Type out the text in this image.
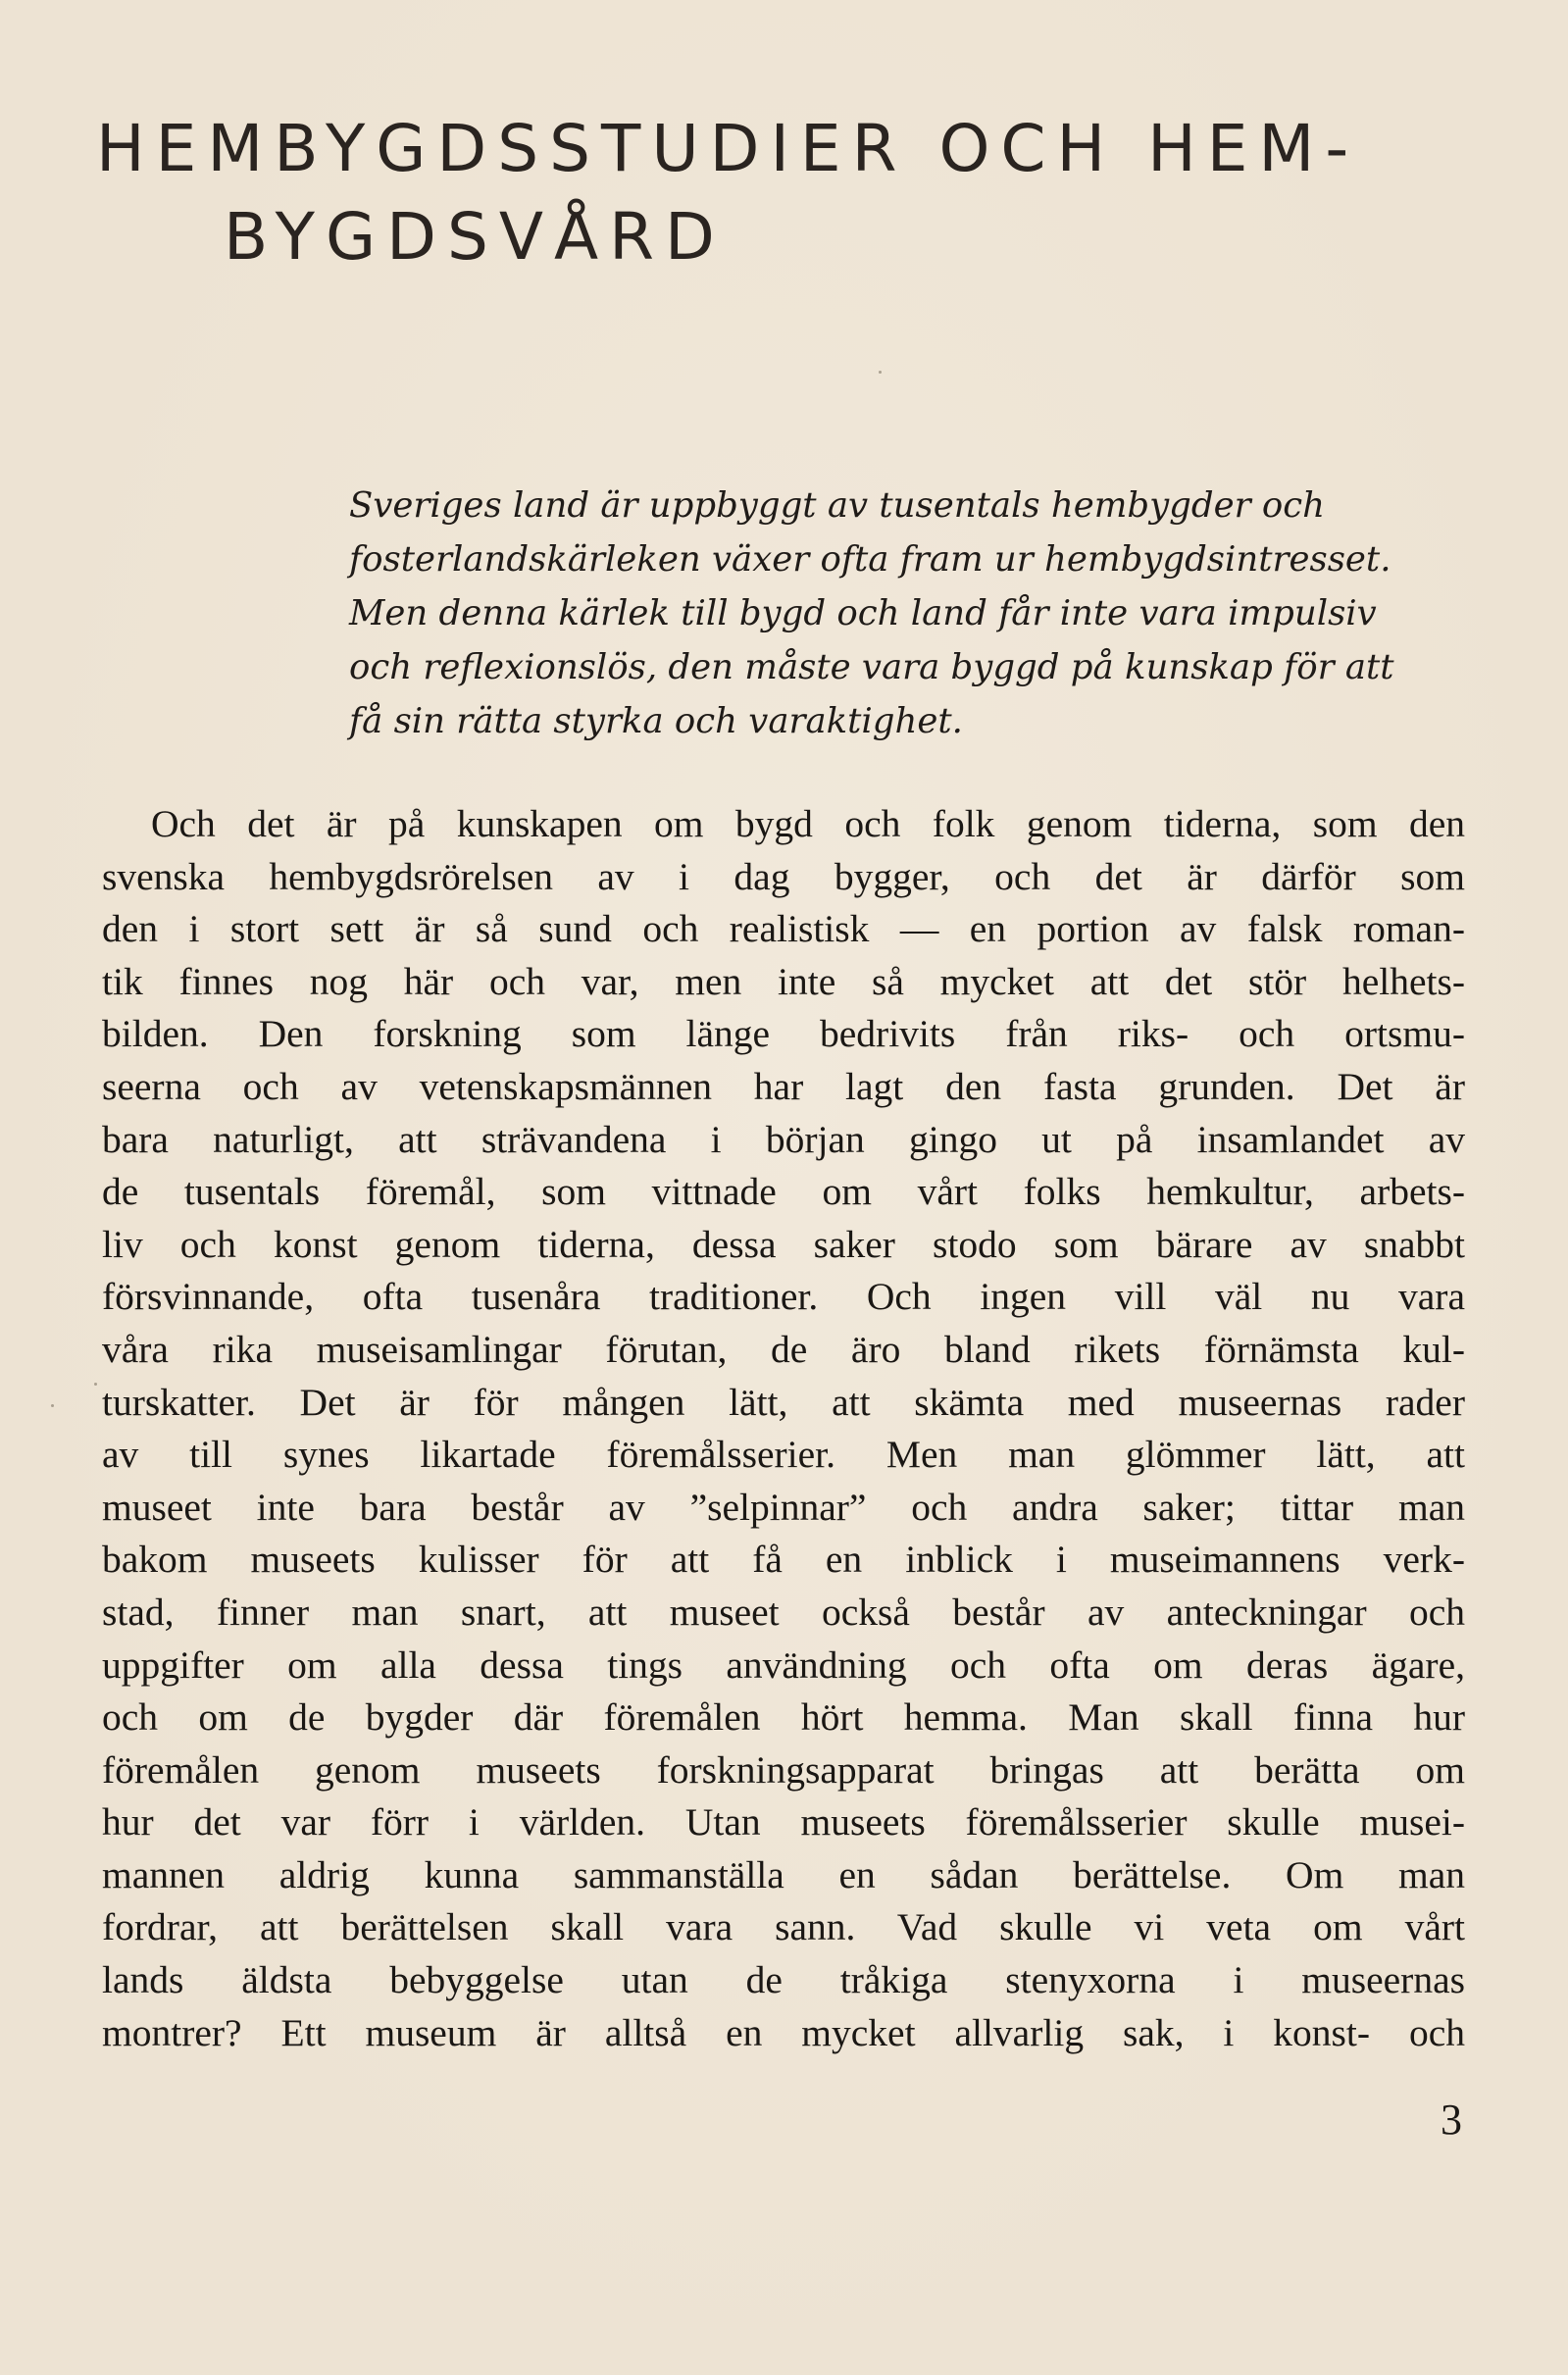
HEMBYGDSSTUDIER OCH HEM-
BYGDSVÅRD
Sveriges land är uppbyggt av tusentals hembygder och
fosterlandskärleken växer ofta fram ur hembygdsintresset.
Men denna kärlek till bygd och land får inte vara impulsiv
och reflexionslös, den måste vara byggd på kunskap för att
få sin rätta styrka och varaktighet.
Och det är på kunskapen om bygd och folk genom tiderna, som den
svenska hembygdsrörelsen av i dag bygger, och det är därför som
den i stort sett är så sund och realistisk — en portion av falsk roman-
tik finnes nog här och var, men inte så mycket att det stör helhets-
bilden. Den forskning som länge bedrivits från riks- och ortsmu-
seerna och av vetenskapsmännen har lagt den fasta grunden. Det är
bara naturligt, att strävandena i början gingo ut på insamlandet av
de tusentals föremål, som vittnade om vårt folks hemkultur, arbets-
liv och konst genom tiderna, dessa saker stodo som bärare av snabbt
försvinnande, ofta tusenåra traditioner. Och ingen vill väl nu vara
våra rika museisamlingar förutan, de äro bland rikets förnämsta kul-
turskatter. Det är för mången lätt, att skämta med museernas rader
av till synes likartade föremålsserier. Men man glömmer lätt, att
museet inte bara består av ”selpinnar” och andra saker; tittar man
bakom museets kulisser för att få en inblick i museimannens verk-
stad, finner man snart, att museet också består av anteckningar och
uppgifter om alla dessa tings användning och ofta om deras ägare,
och om de bygder där föremålen hört hemma. Man skall finna hur
föremålen genom museets forskningsapparat bringas att berätta om
hur det var förr i världen. Utan museets föremålsserier skulle musei-
mannen aldrig kunna sammanställa en sådan berättelse. Om man
fordrar, att berättelsen skall vara sann. Vad skulle vi veta om vårt
lands äldsta bebyggelse utan de tråkiga stenyxorna i museernas
montrer? Ett museum är alltså en mycket allvarlig sak, i konst- och
3
